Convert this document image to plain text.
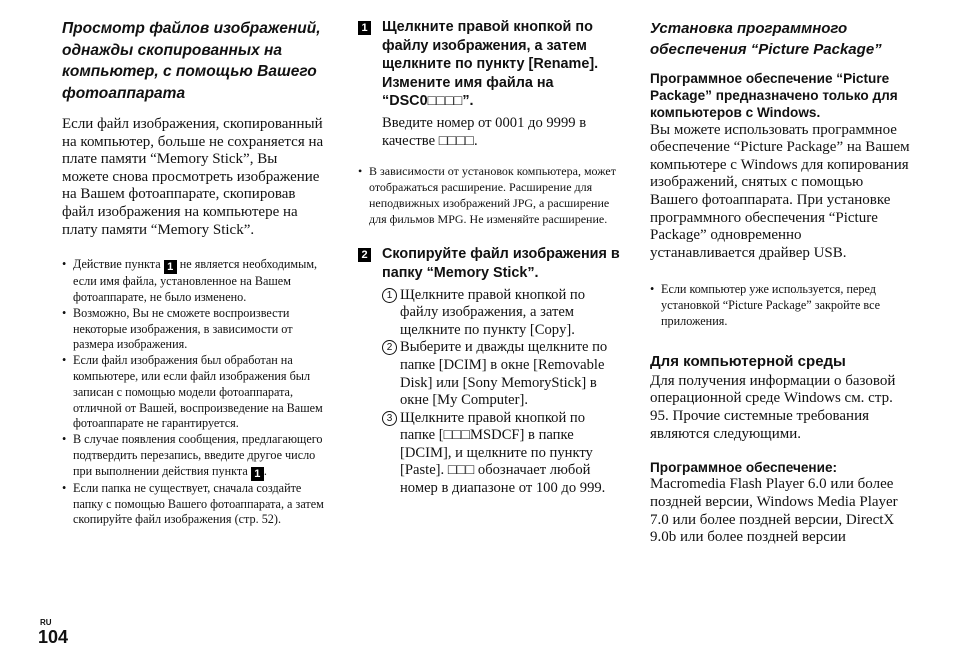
Просмотр файлов изображений, однажды скопированных на компьютер, с помощью Вашего фотоаппарата

Если файл изображения, скопированный на компьютер, больше не сохраняется на плате памяти “Memory Stick”, Вы можете снова просмотреть изображение на Вашем фотоаппарате, скопировав файл изображения на компьютере на плату памяти “Memory Stick”.

• Действие пункта 1 не является необходимым, если имя файла, установленное на Вашем фотоаппарате, не было изменено.
• Возможно, Вы не сможете воспроизвести некоторые изображения, в зависимости от размера изображения.
• Если файл изображения был обработан на компьютере, или если файл изображения был записан с помощью модели фотоаппарата, отличной от Вашей, воспроизведение на Вашем фотоаппарате не гарантируется.
• В случае появления сообщения, предлагающего подтвердить перезапись, введите другое число при выполнении действия пункта 1 .
• Если папка не существует, сначала создайте папку с помощью Вашего фотоаппарата, а затем скопируйте файл изображения (стр. 52).
1 Щелкните правой кнопкой по файлу изображения, а затем щелкните по пункту [Rename]. Измените имя файла на “DSC0□□□□”.

Введите номер от 0001 до 9999 в качестве □□□□.

• В зависимости от установок компьютера, может отображаться расширение. Расширение для неподвижных изображений JPG, а расширение для фильмов MPG. Не изменяйте расширение.
2 Скопируйте файл изображения в папку “Memory Stick”.

1 Щелкните правой кнопкой по файлу изображения, а затем щелкните по пункту [Copy].
2 Выберите и дважды щелкните по папке [DCIM] в окне [Removable Disk] или [Sony MemoryStick] в окне [My Computer].
3 Щелкните правой кнопкой по папке [□□□MSDCF] в папке [DCIM], и щелкните по пункту [Paste]. □□□ обозначает любой номер в диапазоне от 100 до 999.
Установка программного обеспечения “Picture Package”

Программное обеспечение “Picture Package” предназначено только для компьютеров с Windows.

Вы можете использовать программное обеспечение “Picture Package” на Вашем компьютере с Windows для копирования изображений, снятых с помощью Вашего фотоаппарата. При установке программного обеспечения “Picture Package” одновременно устанавливается драйвер USB.

• Если компьютер уже используется, перед установкой “Picture Package” закройте все приложения.

Для компьютерной среды

Для получения информации о базовой операционной среде Windows см. стр. 95. Прочие системные требования являются следующими.

Программное обеспечение:

Macromedia Flash Player 6.0 или более поздней версии, Windows Media Player 7.0 или более поздней версии, DirectX 9.0b или более поздней версии

RU
104
